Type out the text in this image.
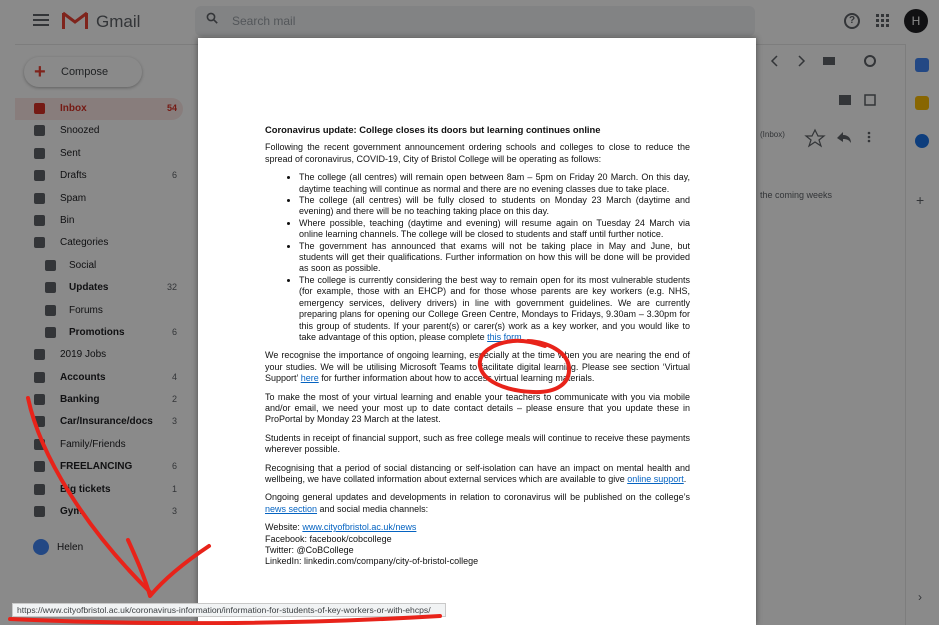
Gmail	Search mail	?	H
+ Compose
Inbox	54
Snoozed
Sent
Drafts	6
Spam
Bin
Categories
Social
Updates	32
Forums
Promotions	6
2019 Jobs
Accounts	4
Banking	2
Car/Insurance/docs 3
Family/Friends
FREELANCING	6
Big tickets	1
Gym	3
Helen
(Inbox)
the coming weeks	+
›
Coronavirus update: College closes its doors but learning continues online

Following the recent government announcement ordering schools and colleges to close to reduce the spread of coronavirus, COVID-19, City of Bristol College will be operating as follows:

• The college (all centres) will remain open between 8am – 5pm on Friday 20 March. On this day, daytime teaching will continue as normal and there are no evening classes due to take place.
• The college (all centres) will be fully closed to students on Monday 23 March (daytime and evening) and there will be no teaching taking place on this day.
• Where possible, teaching (daytime and evening) will resume again on Tuesday 24 March via online learning channels. The college will be closed to students and staff until further notice.
• The government has announced that exams will not be taking place in May and June, but students will get their qualifications. Further information on how this will be done will be provided as soon as possible.
• The college is currently considering the best way to remain open for its most vulnerable students (for example, those with an EHCP) and for those whose parents are key workers (e.g. NHS, emergency services, delivery drivers) in line with government guidelines. We are currently preparing plans for opening our College Green Centre, Mondays to Fridays, 9.30am – 3.30pm for this group of students. If your parent(s) or carer(s) work as a key worker, and you would like to take advantage of this option, please complete this form.

We recognise the importance of ongoing learning, especially at the time when you are nearing the end of your studies. We will be utilising Microsoft Teams to facilitate digital learning. Please see section ‘Virtual Support’ here for further information about how to access virtual learning materials.

To make the most of your virtual learning and enable your teachers to communicate with you via mobile and/or email, we need your most up to date contact details – please ensure that you update these in ProPortal by Monday 23 March at the latest.

Students in receipt of financial support, such as free college meals will continue to receive these payments wherever possible.

Recognising that a period of social distancing or self-isolation can have an impact on mental health and wellbeing, we have collated information about external services which are available to give online support.

Ongoing general updates and developments in relation to coronavirus will be published on the college’s news section and social media channels:

Website: www.cityofbristol.ac.uk/news
Facebook: facebook/cobcollege
Twitter: @CoBCollege
LinkedIn: linkedin.com/company/city-of-bristol-college
https://www.cityofbristol.ac.uk/coronavirus-information/information-for-students-of-key-workers-or-with-ehcps/
